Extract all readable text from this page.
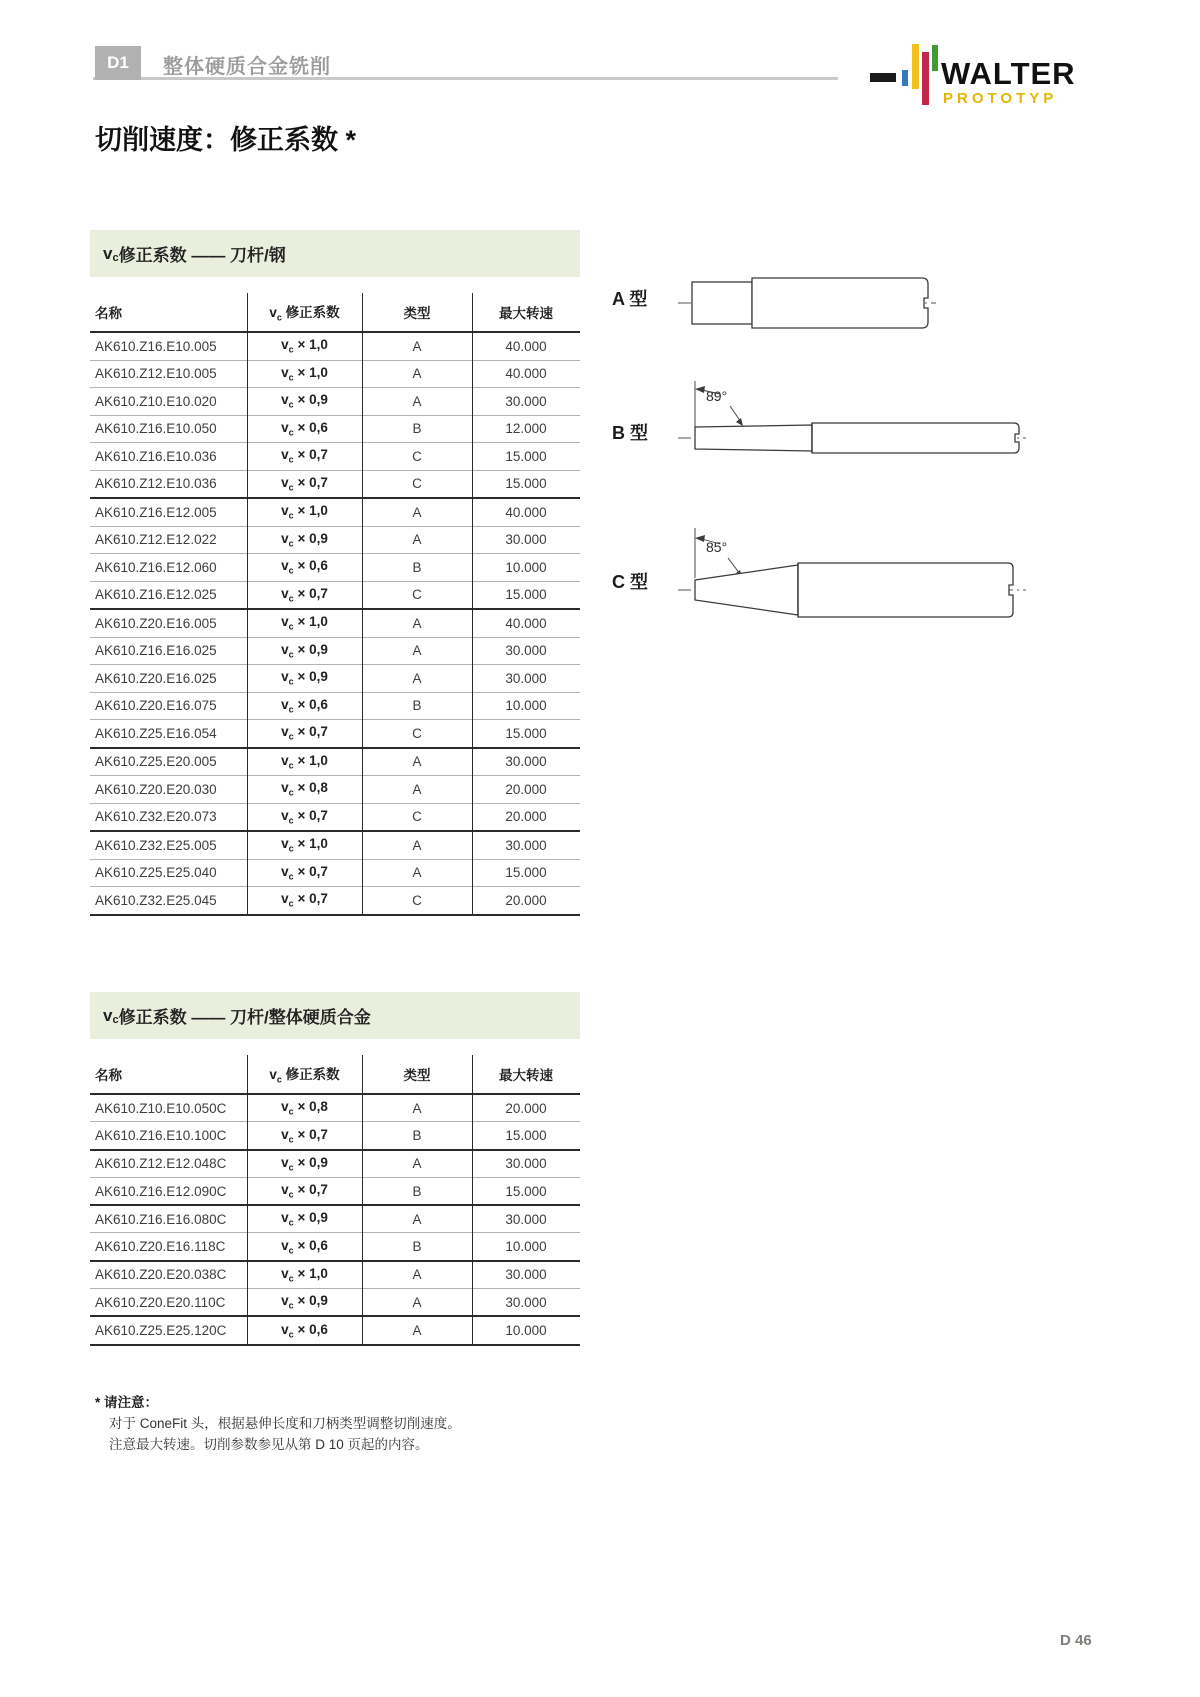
D1 整体硬质合金铣削	WALTER
PROTOTYP
切削速度：修正系数 *
$v_c$ 修正系数 —— 刀杆/钢
名称	$v_c$ 修正系数	类型	最大转速
AK610.Z16.E10.005	$v_c \times 1,0$	A	40.000
AK610.Z12.E10.005	$v_c \times 1,0$	A	40.000
AK610.Z10.E10.020	$v_c \times 0,9$	A	30.000
AK610.Z16.E10.050	$v_c \times 0,6$	B	12.000
AK610.Z16.E10.036	$v_c \times 0,7$	C	15.000
AK610.Z12.E10.036	$v_c \times 0,7$	C	15.000
AK610.Z16.E12.005	$v_c \times 1,0$	A	40.000
AK610.Z12.E12.022	$v_c \times 0,9$	A	30.000
AK610.Z16.E12.060	$v_c \times 0,6$	B	10.000
AK610.Z16.E12.025	$v_c \times 0,7$	C	15.000
AK610.Z20.E16.005	$v_c \times 1,0$	A	40.000
AK610.Z16.E16.025	$v_c \times 0,9$	A	30.000
AK610.Z20.E16.025	$v_c \times 0,9$	A	30.000
AK610.Z20.E16.075	$v_c \times 0,6$	B	10.000
AK610.Z25.E16.054	$v_c \times 0,7$	C	15.000
AK610.Z25.E20.005	$v_c \times 1,0$	A	30.000
AK610.Z20.E20.030	$v_c \times 0,8$	A	20.000
AK610.Z32.E20.073	$v_c \times 0,7$	C	20.000
AK610.Z32.E25.005	$v_c \times 1,0$	A	30.000
AK610.Z25.E25.040	$v_c \times 0,7$	A	15.000
AK610.Z32.E25.045	$v_c \times 0,7$	C	20.000
$v_c$ 修正系数 —— 刀杆/整体硬质合金
名称	$v_c$ 修正系数	类型	最大转速
AK610.Z10.E10.050C	$v_c \times 0,8$	A	20.000
AK610.Z16.E10.100C	$v_c \times 0,7$	B	15.000
AK610.Z12.E12.048C	$v_c \times 0,9$	A	30.000
AK610.Z16.E12.090C	$v_c \times 0,7$	B	15.000
AK610.Z16.E16.080C	$v_c \times 0,9$	A	30.000
AK610.Z20.E16.118C	$v_c \times 0,6$	B	10.000
AK610.Z20.E20.038C	$v_c \times 1,0$	A	30.000
AK610.Z20.E20.110C	$v_c \times 0,9$	A	30.000
AK610.Z25.E25.120C	$v_c \times 0,6$	A	10.000
A 型
B 型
89°
C 型
85°
* 请注意：
对于 ConeFit 头，根据悬伸长度和刀柄类型调整切削速度。
注意最大转速。切削参数参见从第 D 10 页起的内容。
D 46
